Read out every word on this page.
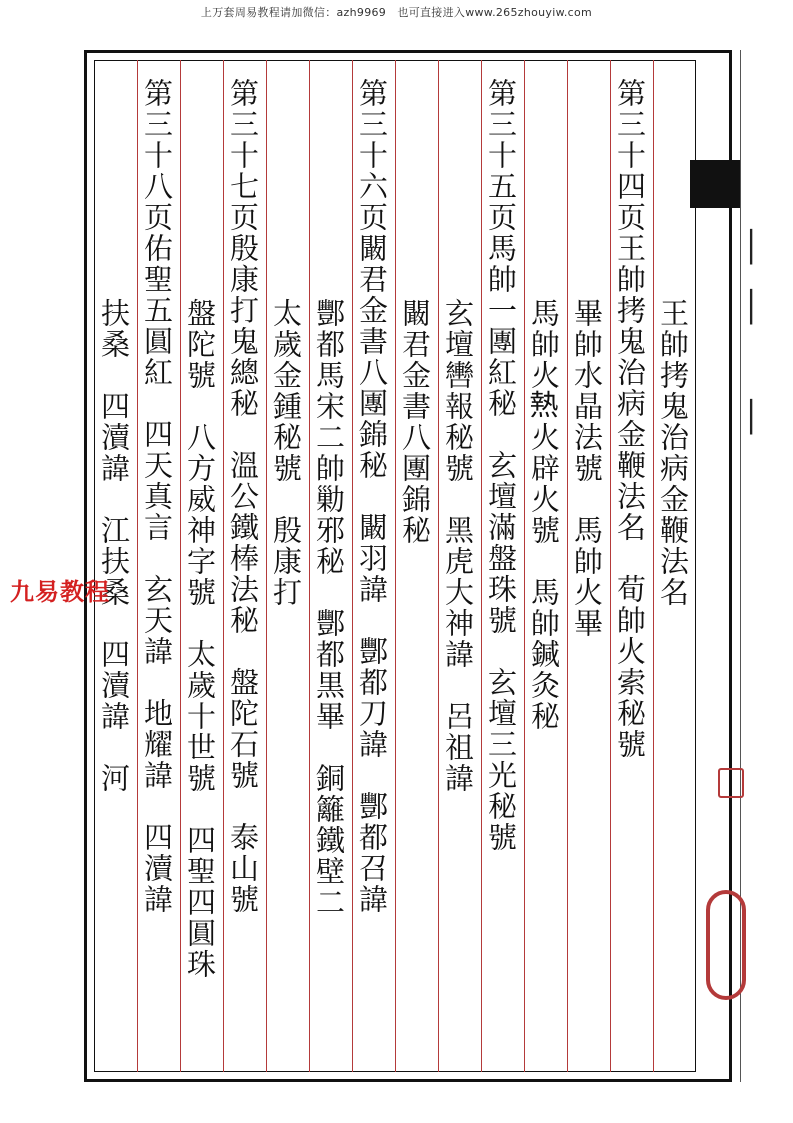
上万套周易教程请加微信：azh9969　也可直接进入www.265zhouyiw.com
王帥拷鬼治病金鞭法名
第三十四页王帥拷鬼治病金鞭法名　荀帥火索秘號
畢帥水晶法號　馬帥火畢
馬帥火𤍠火辟火號　馬帥鍼灸秘
第三十五页馬帥一團紅秘　玄壇滿盤珠號　玄壇三光秘號
玄壇轡報秘號　黑虎大神諱　呂祖諱
闞君金書八團錦秘
第三十六页闞君金書八團錦秘　闞羽諱　酆都刀諱　酆都召諱
酆都馬宋二帥勦邪秘　酆都黒畢　銅籬鐵壁二
太歲金鍾秘號　殷康打
第三十七页殷康打鬼總秘　溫公鐵棒法秘　盤陀石號　泰山號
盤陀號　八方威神字號　太歲十世號　四聖四圓珠
第三十八页佑聖五圓紅　四天真言　玄天諱　地耀諱　四瀆諱
扶桑　四瀆諱　江扶桑　四瀆諱　河
│
│
│
九易教程
